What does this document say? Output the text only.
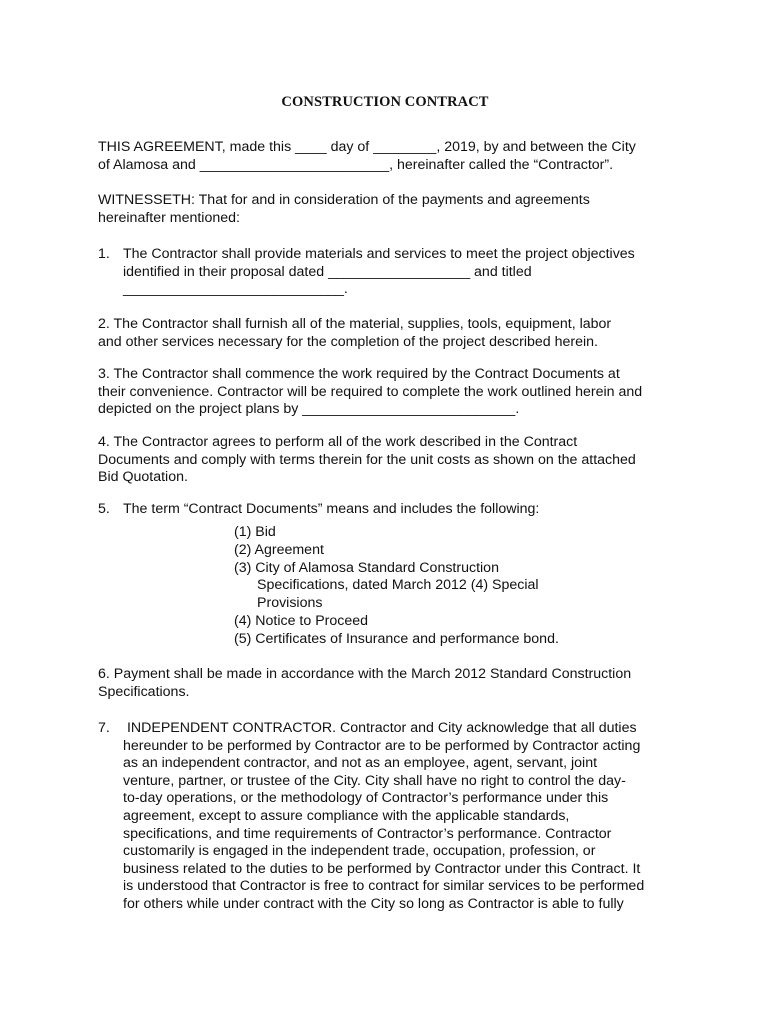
CONSTRUCTION CONTRACT
THIS AGREEMENT, made this ____ day of ________, 2019, by and between the City
of Alamosa and ________________________, hereinafter called the “Contractor”.
WITNESSETH: That for and in consideration of the payments and agreements
hereinafter mentioned:
1. The Contractor shall provide materials and services to meet the project objectives
identified in their proposal dated __________________ and titled
____________________________.
2. The Contractor shall furnish all of the material, supplies, tools, equipment, labor
and other services necessary for the completion of the project described herein.
3. The Contractor shall commence the work required by the Contract Documents at
their convenience. Contractor will be required to complete the work outlined herein and
depicted on the project plans by ___________________________.
4. The Contractor agrees to perform all of the work described in the Contract
Documents and comply with terms therein for the unit costs as shown on the attached
Bid Quotation.
5. The term “Contract Documents” means and includes the following:
(1) Bid
(2) Agreement
(3) City of Alamosa Standard Construction
Specifications, dated March 2012 (4) Special
Provisions
(4) Notice to Proceed
(5) Certificates of Insurance and performance bond.
6. Payment shall be made in accordance with the March 2012 Standard Construction
Specifications.
7. INDEPENDENT CONTRACTOR. Contractor and City acknowledge that all duties
hereunder to be performed by Contractor are to be performed by Contractor acting
as an independent contractor, and not as an employee, agent, servant, joint
venture, partner, or trustee of the City. City shall have no right to control the day-
to-day operations, or the methodology of Contractor’s performance under this
agreement, except to assure compliance with the applicable standards,
specifications, and time requirements of Contractor’s performance. Contractor
customarily is engaged in the independent trade, occupation, profession, or
business related to the duties to be performed by Contractor under this Contract. It
is understood that Contractor is free to contract for similar services to be performed
for others while under contract with the City so long as Contractor is able to fully
